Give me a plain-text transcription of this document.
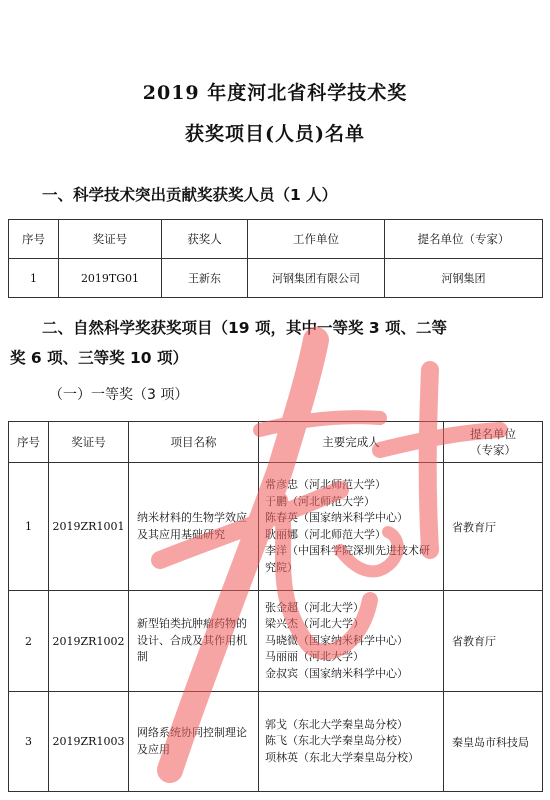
2019 年度河北省科学技术奖
获奖项目(人员)名单
一、科学技术突出贡献奖获奖人员（1 人）
序号	奖证号	获奖人	工作单位	提名单位（专家）
1	2019TG01	王新东	河钢集团有限公司	河钢集团
二、自然科学奖获奖项目（19 项，其中一等奖 3 项、二等
奖 6 项、三等奖 10 项）
（一）一等奖（3 项）
序号	奖证号	项目名称	主要完成人	提名单位
（专家）

1	2019ZR1001	纳米材料的生物学效应及其应用基础研究	常彦忠（河北师范大学）
于鹏（河北师范大学）
陈春英（国家纳米科学中心）
耿丽娜（河北师范大学）
李洋（中国科学院深圳先进技术研究院）	省教育厅
2	2019ZR1002	新型铂类抗肿瘤药物的设计、合成及其作用机制	张金超（河北大学）
梁兴杰（河北大学）
马晓微（国家纳米科学中心）
马丽丽（河北大学）
金叔宾（国家纳米科学中心）	省教育厅
3	2019ZR1003	网络系统协同控制理论及应用	郭戈（东北大学秦皇岛分校）
陈飞（东北大学秦皇岛分校）
项林英（东北大学秦皇岛分校）	秦皇岛市科技局
